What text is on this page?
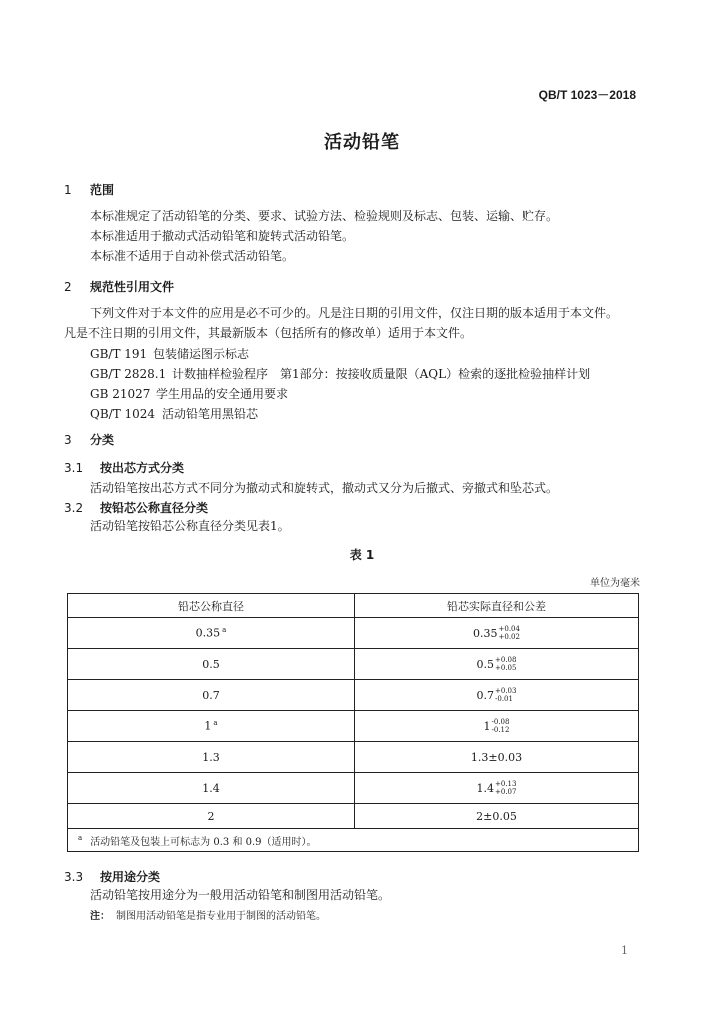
QB/T 1023－2018
活动铅笔
1 范围
本标准规定了活动铅笔的分类、要求、试验方法、检验规则及标志、包装、运输、贮存。
本标准适用于撤动式活动铅笔和旋转式活动铅笔。
本标准不适用于自动补偿式活动铅笔。
2 规范性引用文件
下列文件对于本文件的应用是必不可少的。凡是注日期的引用文件，仅注日期的版本适用于本文件。
凡是不注日期的引用文件，其最新版本（包括所有的修改单）适用于本文件。
GB/T 191 包装储运图示标志
GB/T 2828.1 计数抽样检验程序　第1部分：按接收质量限（AQL）检索的逐批检验抽样计划
GB 21027 学生用品的安全通用要求
QB/T 1024 活动铅笔用黑铅芯
3 分类
3.1 按出芯方式分类
活动铅笔按出芯方式不同分为撤动式和旋转式，撤动式又分为后撤式、旁撤式和坠芯式。
3.2 按铅芯公称直径分类
活动铅笔按铅芯公称直径分类见表1。
表 1
单位为毫米
铅芯公称直径	铅芯实际直径和公差
0.35 $^a$	0.35 +0.04
+0.02

0.5	0.5 +0.08
+0.05

0.7	0.7 +0.03
-0.01

1 $^a$	1 -0.08
-0.12

1.3	1.3±0.03
1.4	1.4 +0.13
+0.07

2	2±0.05
$^a$ 活动铅笔及包装上可标志为 0.3 和 0.9（适用时）。	
3.3 按用途分类
活动铅笔按用途分为一般用活动铅笔和制图用活动铅笔。
注： 制图用活动铅笔是指专业用于制图的活动铅笔。
1
